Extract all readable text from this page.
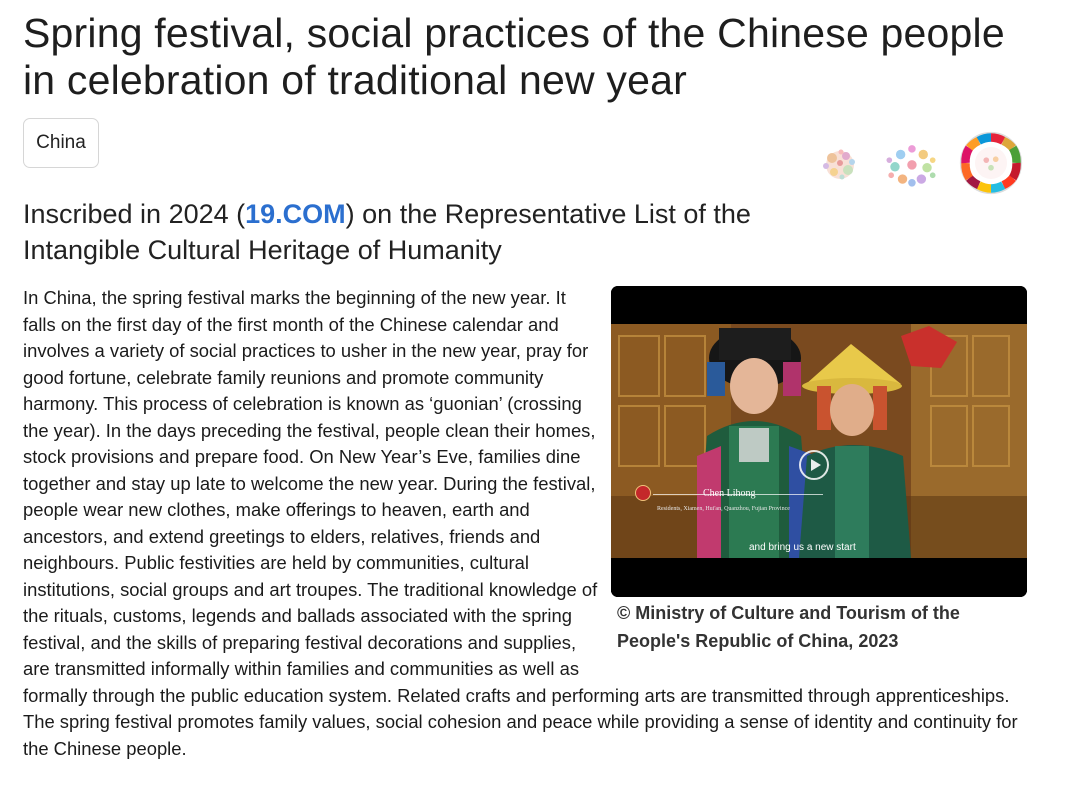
Spring festival, social practices of the Chinese people in celebration of traditional new year
China
Inscribed in 2024 (19.COM) on the Representative List of the Intangible Cultural Heritage of Humanity
Residents, Xiamen, Hui'an, Quanzhou, Fujian Province
and bring us a new start

© Ministry of Culture and Tourism of the People's Republic of China, 2023

In China, the spring festival marks the beginning of the new year. It falls on the first day of the first month of the Chinese calendar and involves a variety of social practices to usher in the new year, pray for good fortune, celebrate family reunions and promote community harmony. This process of celebration is known as ‘guonian’ (crossing the year). In the days preceding the festival, people clean their homes, stock provisions and prepare food. On New Year’s Eve, families dine together and stay up late to welcome the new year. During the festival, people wear new clothes, make offerings to heaven, earth and ancestors, and extend greetings to elders, relatives, friends and neighbours. Public festivities are held by communities, cultural institutions, social groups and art troupes. The traditional knowledge of the rituals, customs, legends and ballads associated with the spring festival, and the skills of preparing festival decorations and supplies, are transmitted informally within families and communities as well as formally through the public education system. Related crafts and performing arts are transmitted through apprenticeships. The spring festival promotes family values, social cohesion and peace while providing a sense of identity and continuity for the Chinese people.
